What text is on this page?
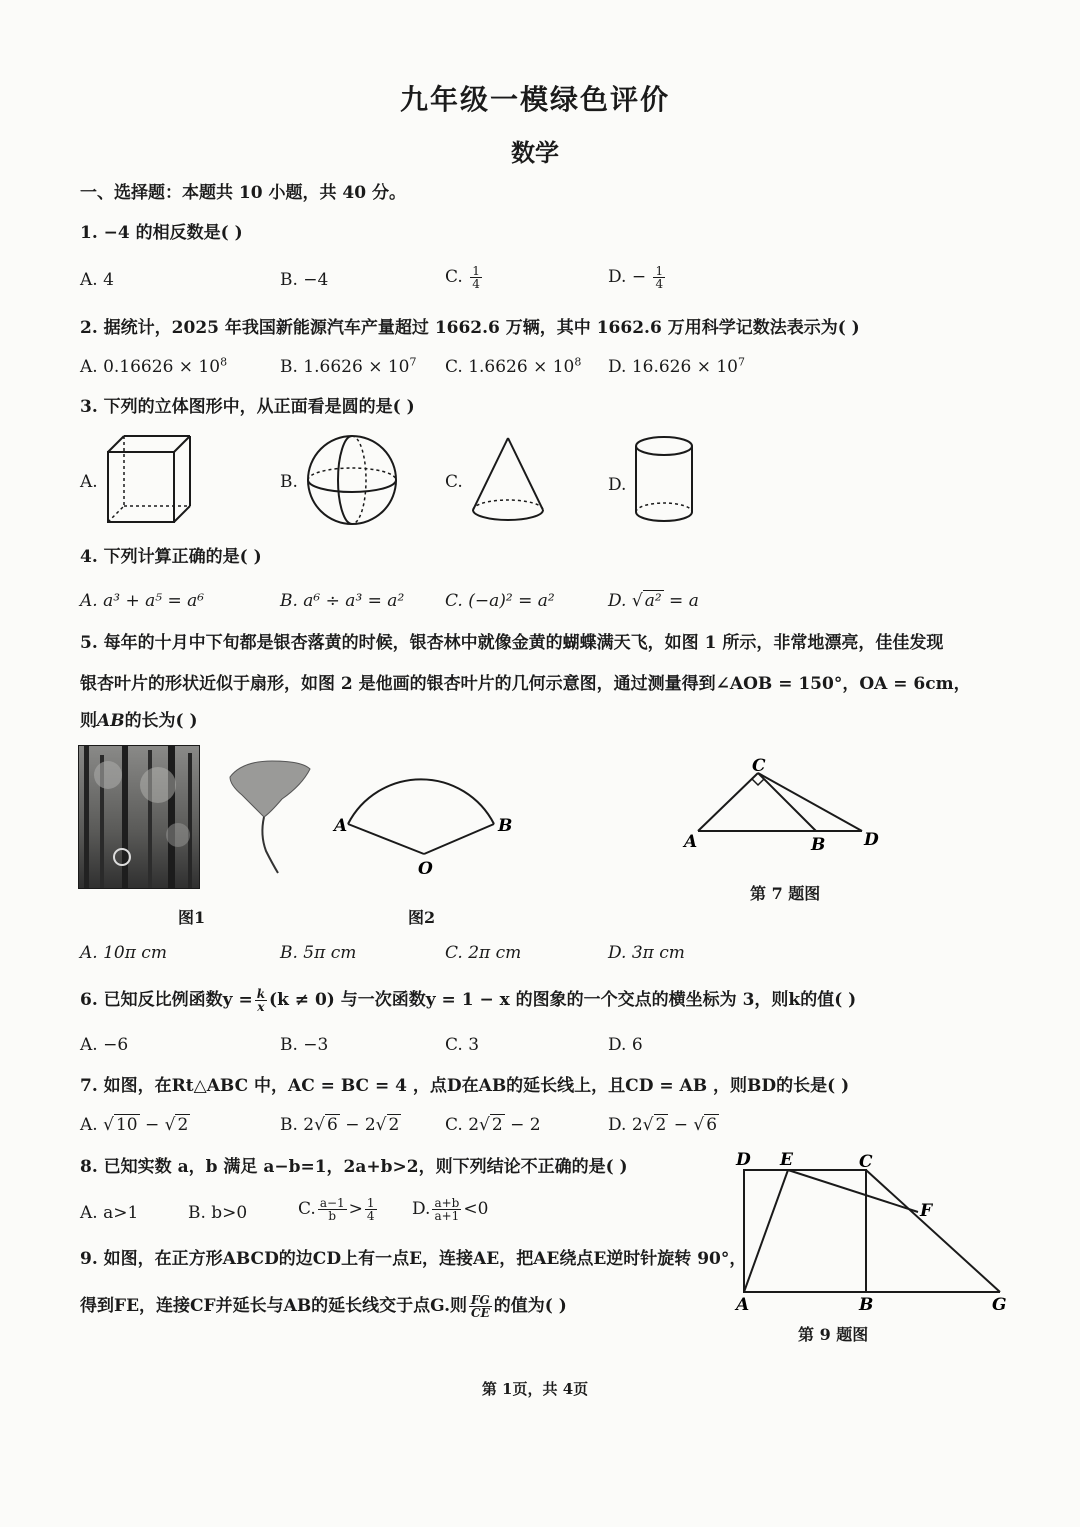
九年级一模绿色评价
数学
一、选择题：本题共 10 小题，共 40 分。
1. −4 的相反数是( )
A. 4	B. −4	C. $\frac{1}{4}$	D. − $\frac{1}{4}$
2. 据统计，2025 年我国新能源汽车产量超过 1662.6 万辆，其中 1662.6 万用科学记数法表示为( )
A. $0.16626 \times 10^8$	B. $1.6626 \times 10^7$ C. $1.6626 \times 10^8$ D. $16.626 \times 10^7$
3. 下列的立体图形中，从正面看是圆的是( )
A.	B.	C.	D.
4. 下列计算正确的是( )
A. a³ + a⁵ = a⁶	B. a⁶ ÷ a³ = a² C. (−a)² = a²	D. √ a² = a
5. 每年的十月中下旬都是银杏落黄的时候，银杏林中就像金黄的蝴蝶满天飞，如图 1 所示，非常地漂亮，佳佳发现
银杏叶片的形状近似于扇形，如图 2 是他画的银杏叶片的几何示意图，通过测量得到∠AOB = 150°，OA = 6cm，
则AB的长为( )
图1
A	B
O
图2
C
A	B D
第 7 题图
A. 10π cm	B. 5π cm	C. 2π cm	D. 3π cm
6. 已知反比例函数$y = \frac{k}{x} (k \ne 0)$ 与一次函数y = 1 − x 的图象的一个交点的横坐标为 3，则k的值( )
A. −6	B. −3	C. 3	D. 6
7. 如图，在Rt△ABC 中，AC = BC = 4 ，点D在AB的延长线上，且CD = AB ，则BD的长是( )
A. √ 10 − √ 2	B. 2√ 6 − 2√ 2	C. 2√ 2 − 2	D. 2√ 2 − √ 6
8. 已知实数 a，b 满足 a−b=1，2a+b>2，则下列结论不正确的是( )
A. a>1	B. b>0	C. $\frac{a-1}{b} > \frac{1}{4} D$. $\frac{a+b}{a+1} <0$
9. 如图，在正方形ABCD的边CD上有一点E，连接AE，把AE绕点E逆时针旋转 90°，
得到FE，连接CF并延长与AB的延长线交于点G.则 $\frac{FG}{CE}$ 的值为( )
D E	C
F
A	B	G
第 9 题图
第 1页，共 4页
